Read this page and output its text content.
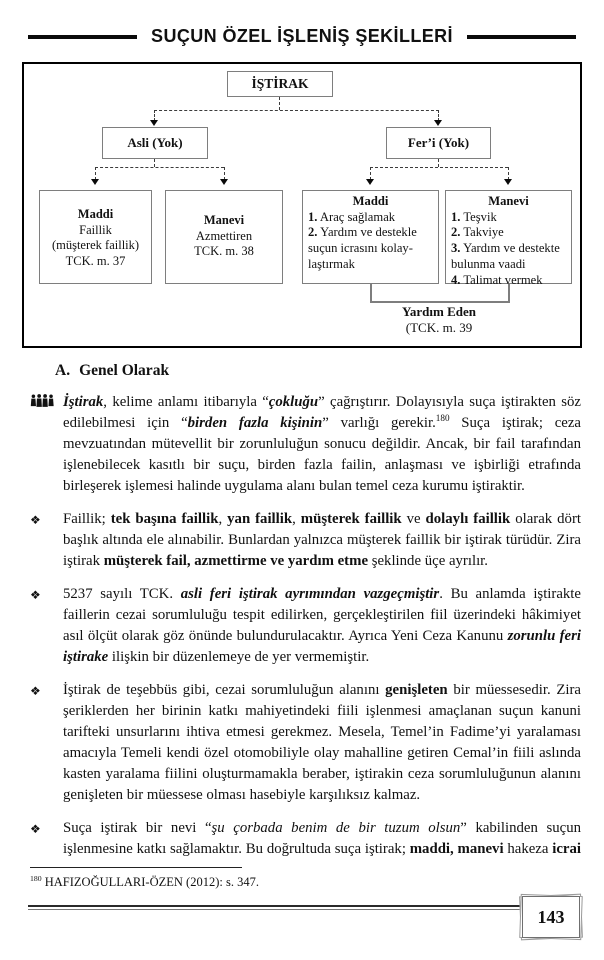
SUÇUN ÖZEL İŞLENİŞ ŞEKİLLERİ
İŞTİRAK
Asli (Yok)	Fer’i (Yok)
Maddi
Faillik
(müşterek faillik)
TCK. m. 37
Manevi
Azmettiren
TCK. m. 38
Maddi
1. Araç sağlamak
2. Yardım ve destekle suçun icrasını kolaylaştırmak
Manevi
1. Teşvik
2. Takviye
3. Yardım ve destekte bulunma vaadi
4. Talimat vermek
Yardım Eden
(TCK. m. 39
A. Genel Olarak
İştirak, kelime anlamı itibarıyla “çokluğu” çağrıştırır. Dolayısıyla suça iştirakten söz edilebilmesi için “birden fazla kişinin” varlığı gerekir.$^{180}$ Suça iştirak; ceza mevzuatından mütevellit bir zorunluluğun sonucu değildir. Ancak, bir fail tarafından işlenebilecek kasıtlı bir suçu, birden fazla failin, anlaşması ve işbirliği etrafında birleşerek işlemesi halinde uygulama alanı bulan temel ceza kurumu iştiraktir.
❖	Faillik; tek başına faillik, yan faillik, müşterek faillik ve dolaylı faillik olarak dört başlık altında ele alınabilir. Bunlardan yalnızca müşterek faillik bir iştirak türüdür. Zira iştirak müşterek fail, azmettirme ve yardım etme şeklinde üçe ayrılır.
❖	5237 sayılı TCK. asli feri iştirak ayrımından vazgeçmiştir. Bu anlamda iştirakte faillerin cezai sorumluluğu tespit edilirken, gerçekleştirilen fiil üzerindeki hâkimiyet asıl ölçüt olarak göz önünde bulundurulacaktır. Ayrıca Yeni Ceza Kanunu zorunlu feri iştirake ilişkin bir düzenlemeye de yer vermemiştir.
❖	İştirak de teşebbüs gibi, cezai sorumluluğun alanını genişleten bir müessesedir. Zira şeriklerden her birinin katkı mahiyetindeki fiili işlenmesi amaçlanan suçun kanuni tarifteki unsurlarını ihtiva etmesi gerekmez. Mesela, Temel’in Fadime’yi yaralaması amacıyla Temeli kendi özel otomobiliyle olay mahalline getiren Cemal’in fiili aslında kasten yaralama fiilini oluşturmamakla beraber, iştirakin ceza sorumluluğunun alanını genişleten bir müessese olması hasebiyle karşılıksız kalmaz.
❖	Suça iştirak bir nevi “şu çorbada benim de bir tuzum olsun” kabilinden suçun işlenmesine katkı sağlamaktır. Bu doğrultuda suça iştirak; maddi, manevi hakeza icrai
$^{180}$ HAFIZOĞULLARI-ÖZEN (2012): s. 347.
143
